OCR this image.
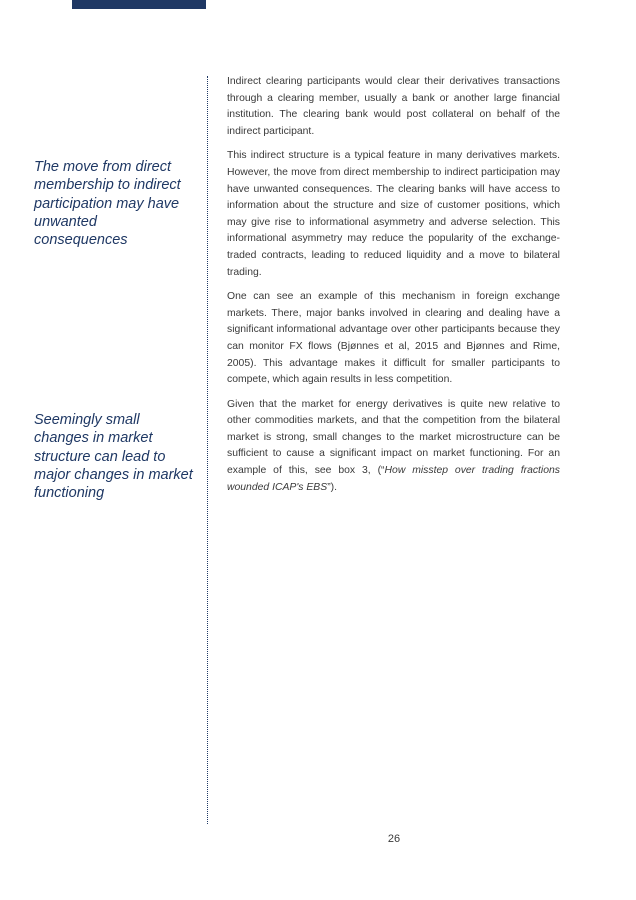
The move from direct membership to indirect participation may have unwanted consequences
Seemingly small changes in market structure can lead to major changes in market functioning

Indirect clearing participants would clear their derivatives transactions through a clearing member, usually a bank or another large financial institution. The clearing bank would post collateral on behalf of the indirect participant.

This indirect structure is a typical feature in many derivatives markets. However, the move from direct membership to indirect participation may have unwanted consequences. The clearing banks will have access to information about the structure and size of customer positions, which may give rise to informational asymmetry and adverse selection. This informational asymmetry may reduce the popularity of the exchange-traded contracts, leading to reduced liquidity and a move to bilateral trading.

One can see an example of this mechanism in foreign exchange markets. There, major banks involved in clearing and dealing have a significant informational advantage over other participants because they can monitor FX flows (Bjønnes et al, 2015 and Bjønnes and Rime, 2005). This advantage makes it difficult for smaller participants to compete, which again results in less competition.

Given that the market for energy derivatives is quite new relative to other commodities markets, and that the competition from the bilateral market is strong, small changes to the market microstructure can be sufficient to cause a significant impact on market functioning. For an example of this, see box 3, (“How misstep over trading fractions wounded ICAP's EBS”).

26
